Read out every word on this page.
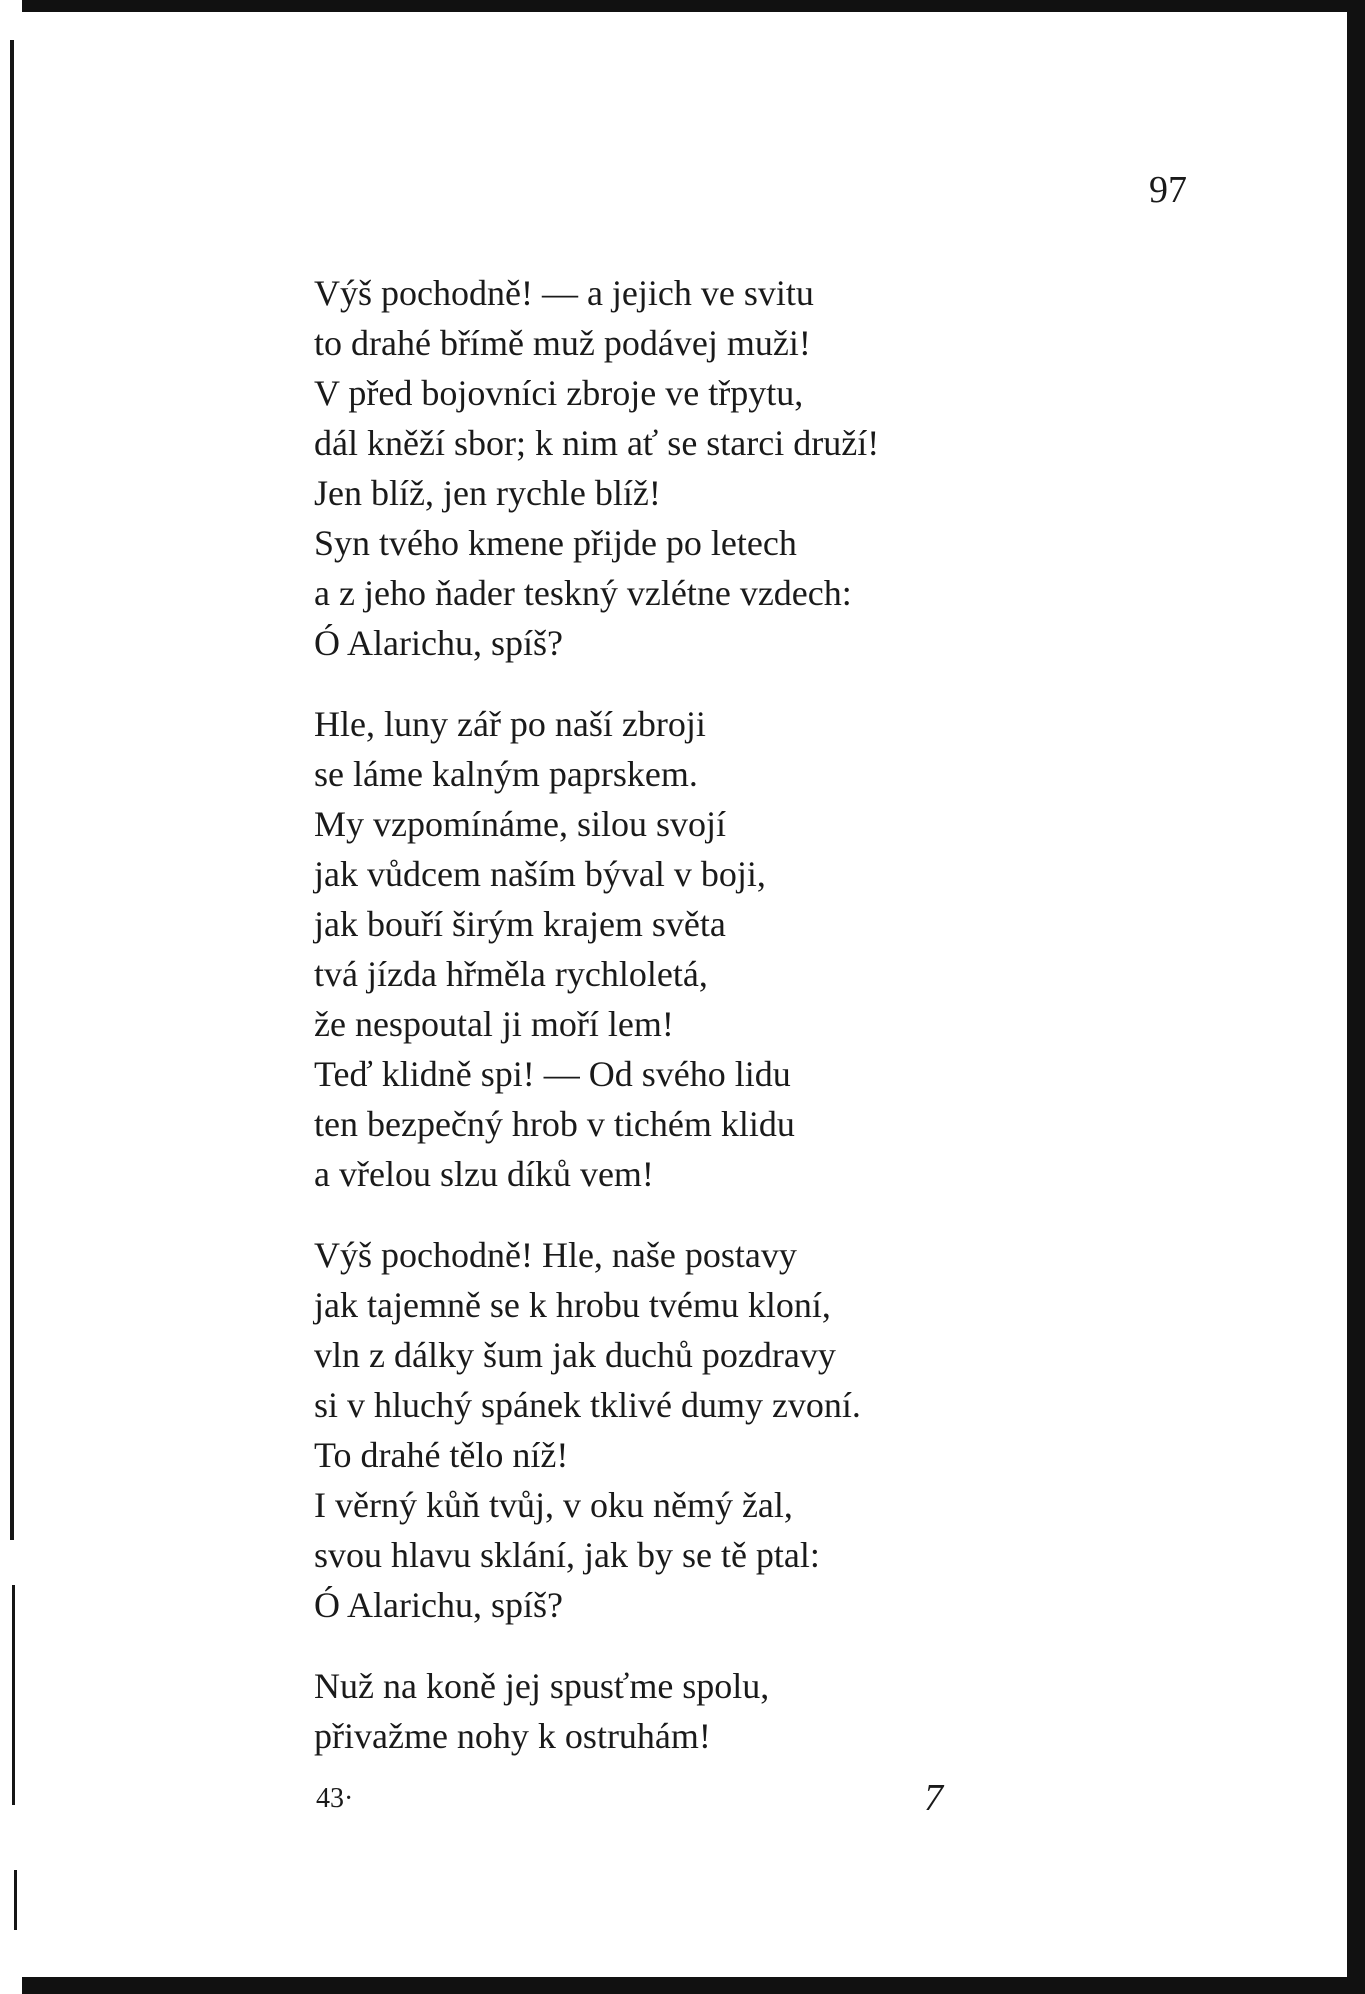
97

Výš pochodně! — a jejich ve svitu
to drahé břímě muž podávej muži!
V před bojovníci zbroje ve třpytu,
dál kněží sbor; k nim ať se starci druží!
Jen blíž, jen rychle blíž!
Syn tvého kmene přijde po letech
a z jeho ňader teskný vzlétne vzdech:
Ó Alarichu, spíš?
Hle, luny zář po naší zbroji
se láme kalným paprskem.
My vzpomínáme, silou svojí
jak vůdcem naším býval v boji,
jak bouří širým krajem světa
tvá jízda hřměla rychloletá,
že nespoutal ji moří lem!
Teď klidně spi! — Od svého lidu
ten bezpečný hrob v tichém klidu
a vřelou slzu díků vem!
Výš pochodně! Hle, naše postavy
jak tajemně se k hrobu tvému kloní,
vln z dálky šum jak duchů pozdravy
si v hluchý spánek tklivé dumy zvoní.
To drahé tělo níž!
I věrný kůň tvůj, v oku němý žal,
svou hlavu sklání, jak by se tě ptal:
Ó Alarichu, spíš?
Nuž na koně jej spusťme spolu,
přivažme nohy k ostruhám!
43·	7
